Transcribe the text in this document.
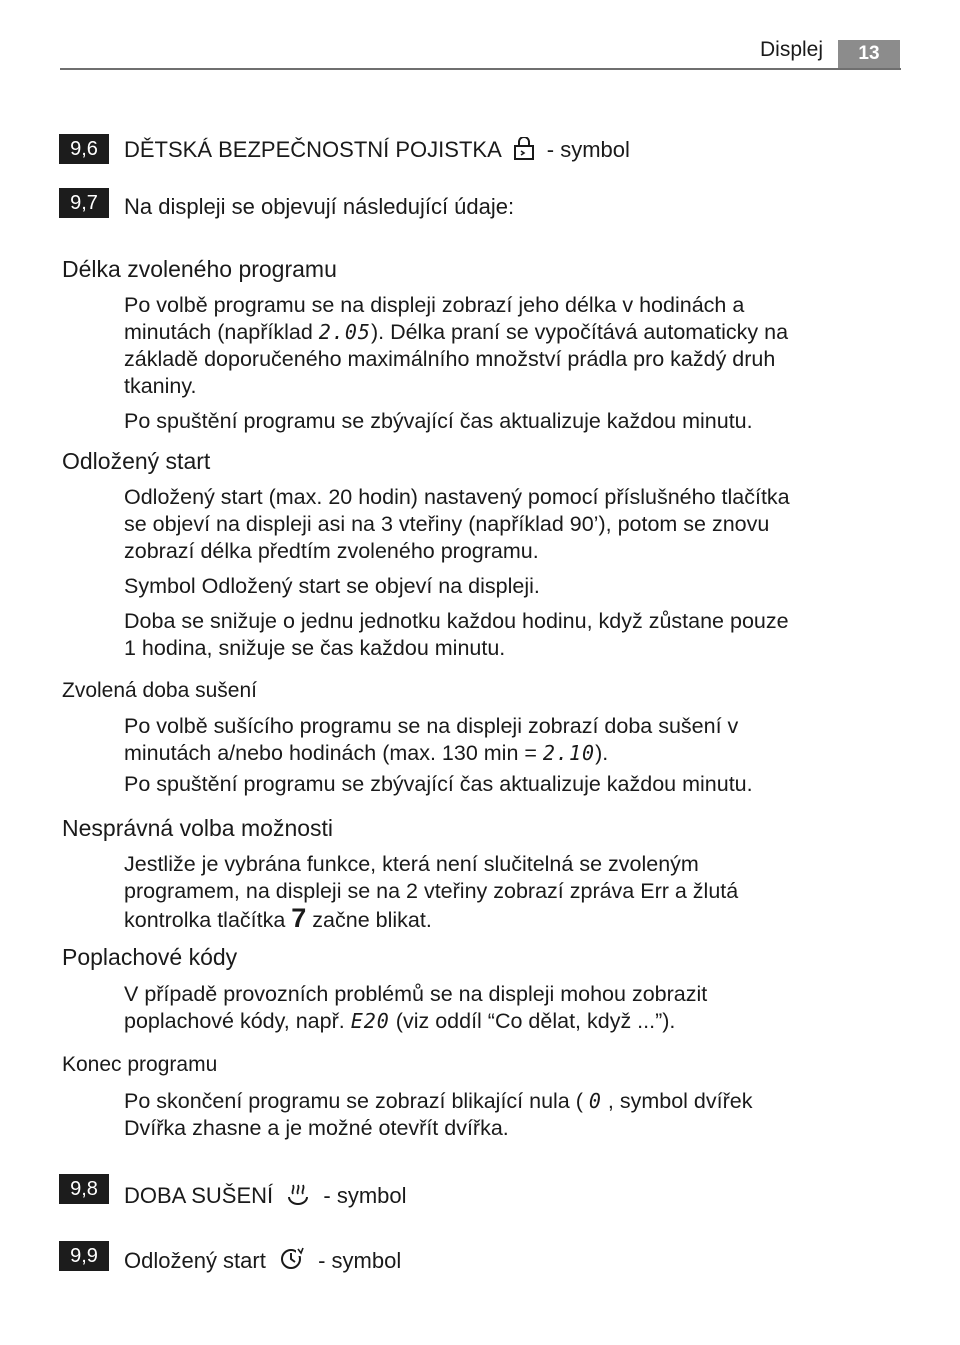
Displej	13
9,6	DĚTSKÁ BEZPEČNOSTNÍ POJISTKA - symbol
9,7	Na displeji se objevují následující údaje:
Délka zvoleného programu

Po volbě programu se na displeji zobrazí jeho délka v hodinách a

minutách (například 2.05). Délka praní se vypočítává automaticky na

základě doporučeného maximálního množství prádla pro každý druh

tkaniny.

Po spuštění programu se zbývající čas aktualizuje každou minutu.

Odložený start

Odložený start (max. 20 hodin) nastavený pomocí příslušného tlačítka

se objeví na displeji asi na 3 vteřiny (například 90’), potom se znovu

zobrazí délka předtím zvoleného programu.

Symbol Odložený start se objeví na displeji.

Doba se snižuje o jednu jednotku každou hodinu, když zůstane pouze

1 hodina, snižuje se čas každou minutu.

Zvolená doba sušení

Po volbě sušícího programu se na displeji zobrazí doba sušení v

minutách a/nebo hodinách (max. 130 min = 2.10).

Po spuštění programu se zbývající čas aktualizuje každou minutu.

Nesprávná volba možnosti

Jestliže je vybrána funkce, která není slučitelná se zvoleným

programem, na displeji se na 2 vteřiny zobrazí zpráva Err a žlutá

kontrolka tlačítka 7 začne blikat.

Poplachové kódy

V případě provozních problémů se na displeji mohou zobrazit

poplachové kódy, např. E20 (viz oddíl “Co dělat, když ...”).

Konec programu

Po skončení programu se zobrazí blikající nula ( 0 , symbol dvířek

Dvířka zhasne a je možné otevřít dvířka.

9,8	DOBA SUŠENÍ - symbol
9,9	Odložený start - symbol
